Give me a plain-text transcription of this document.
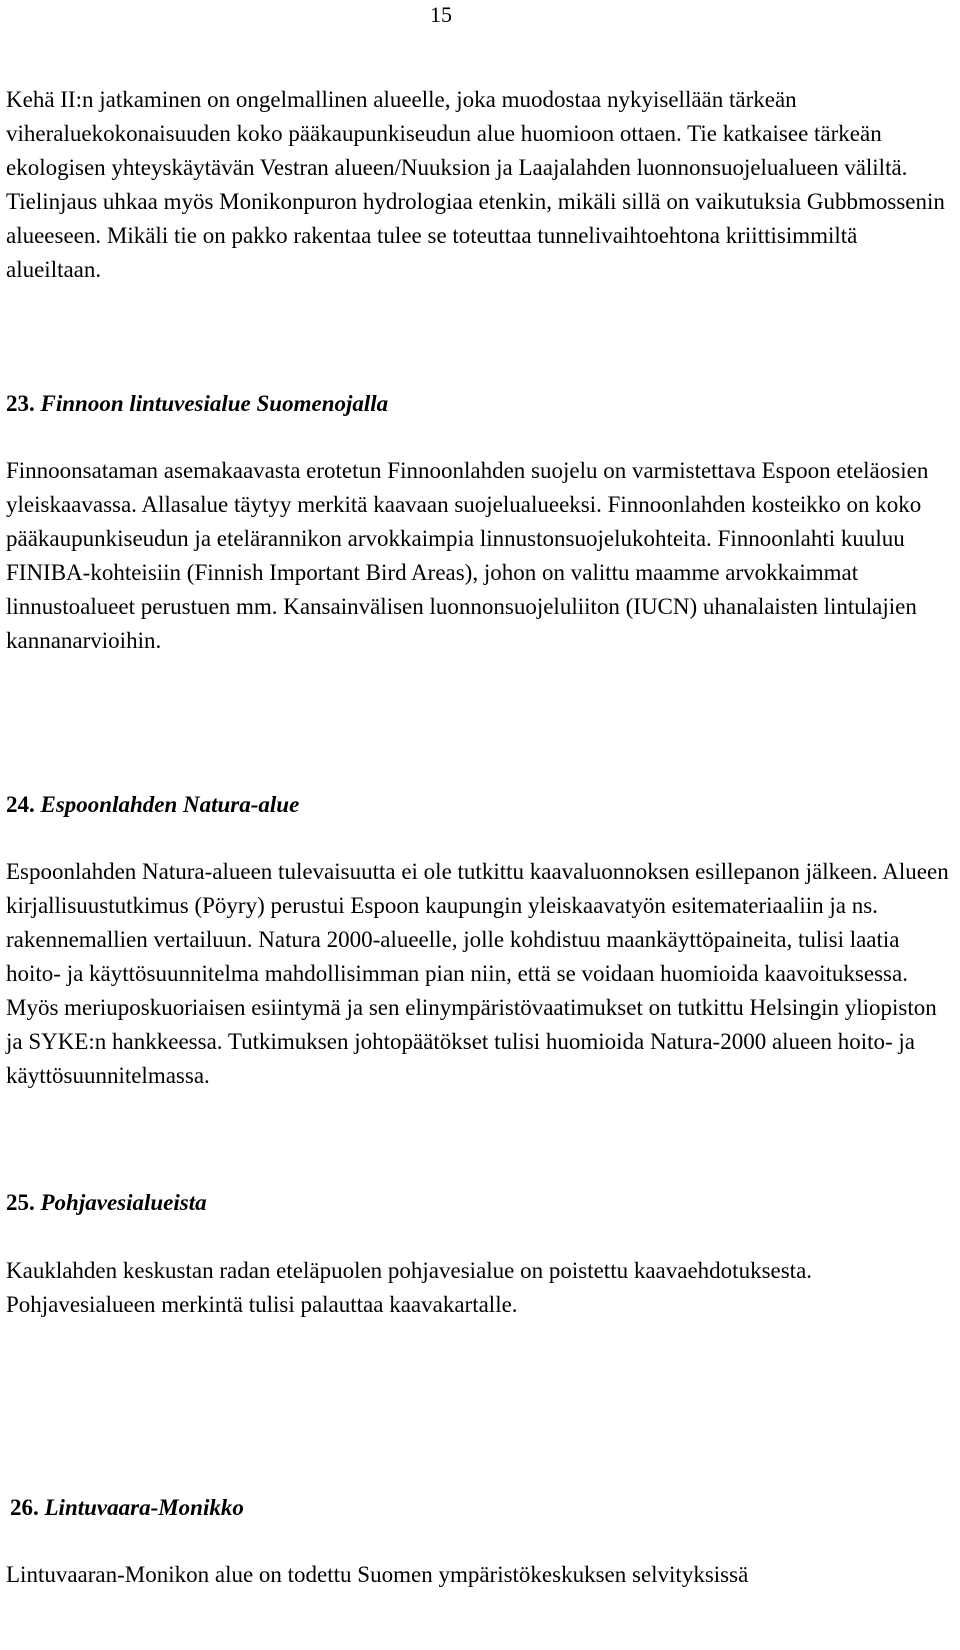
15

Kehä II:n jatkaminen on ongelmallinen alueelle, joka muodostaa nykyisellään tärkeän viheraluekokonaisuuden koko pääkaupunkiseudun alue huomioon ottaen. Tie katkaisee tärkeän ekologisen yhteyskäytävän Vestran alueen/Nuuksion ja Laajalahden luonnonsuojelualueen väliltä. Tielinjaus uhkaa myös Monikonpuron hydrologiaa etenkin, mikäli sillä on vaikutuksia Gubbmossenin alueeseen. Mikäli tie on pakko rakentaa tulee se toteuttaa tunnelivaihtoehtona kriittisimmiltä alueiltaan.

23. Finnoon lintuvesialue Suomenojalla

Finnoonsataman asemakaavasta erotetun Finnoonlahden suojelu on varmistettava Espoon eteläosien yleiskaavassa. Allasalue täytyy merkitä kaavaan suojelualueeksi. Finnoonlahden kosteikko on koko pääkaupunkiseudun ja etelärannikon arvokkaimpia linnustonsuojelukohteita. Finnoonlahti kuuluu FINIBA-kohteisiin (Finnish Important Bird Areas), johon on valittu maamme arvokkaimmat linnustoalueet perustuen mm. Kansainvälisen luonnonsuojeluliiton (IUCN) uhanalaisten lintulajien kannanarvioihin.

24. Espoonlahden Natura-alue

Espoonlahden Natura-alueen tulevaisuutta ei ole tutkittu kaavaluonnoksen esillepanon jälkeen. Alueen kirjallisuustutkimus (Pöyry) perustui Espoon kaupungin yleiskaavatyön esitemateriaaliin ja ns. rakennemallien vertailuun. Natura 2000-alueelle, jolle kohdistuu maankäyttöpaineita, tulisi laatia hoito- ja käyttösuunnitelma mahdollisimman pian niin, että se voidaan huomioida kaavoituksessa. Myös meriuposkuoriaisen esiintymä ja sen elinympäristövaatimukset on tutkittu Helsingin yliopiston ja SYKE:n hankkeessa. Tutkimuksen johtopäätökset tulisi huomioida Natura-2000 alueen hoito- ja käyttösuunnitelmassa.

25. Pohjavesialueista

Kauklahden keskustan radan eteläpuolen pohjavesialue on poistettu kaavaehdotuksesta. Pohjavesialueen merkintä tulisi palauttaa kaavakartalle.

26. Lintuvaara-Monikko

Lintuvaaran-Monikon alue on todettu Suomen ympäristökeskuksen selvityksissä
